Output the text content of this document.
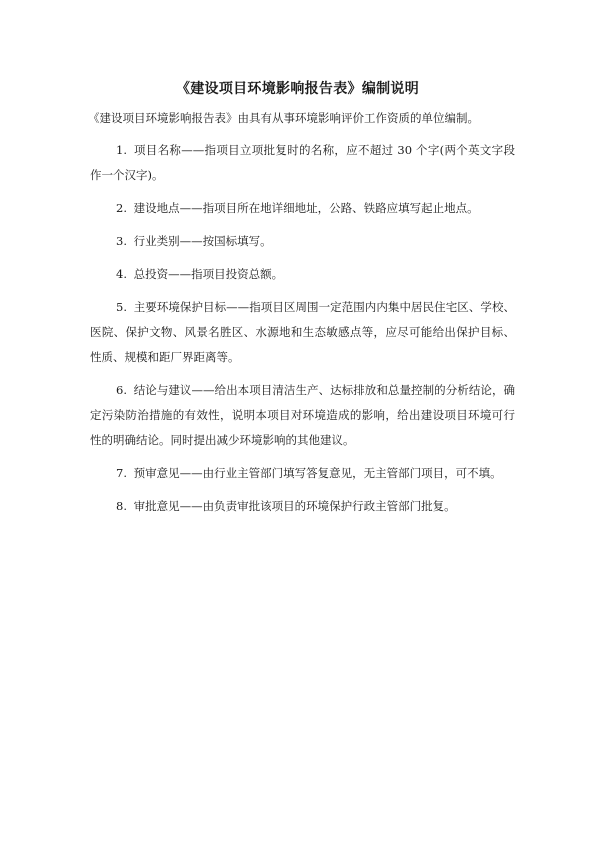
《建设项目环境影响报告表》编制说明
《建设项目环境影响报告表》由具有从事环境影响评价工作资质的单位编制。

1. 项目名称——指项目立项批复时的名称，应不超过 30 个字(两个英文字段作一个汉字)。

2. 建设地点——指项目所在地详细地址，公路、铁路应填写起止地点。

3. 行业类别——按国标填写。

4. 总投资——指项目投资总额。

5. 主要环境保护目标——指项目区周围一定范围内内集中居民住宅区、学校、医院、保护文物、风景名胜区、水源地和生态敏感点等，应尽可能给出保护目标、性质、规模和距厂界距离等。

6. 结论与建议——给出本项目清洁生产、达标排放和总量控制的分析结论，确定污染防治措施的有效性，说明本项目对环境造成的影响，给出建设项目环境可行性的明确结论。同时提出减少环境影响的其他建议。

7. 预审意见——由行业主管部门填写答复意见，无主管部门项目，可不填。

8. 审批意见——由负责审批该项目的环境保护行政主管部门批复。
